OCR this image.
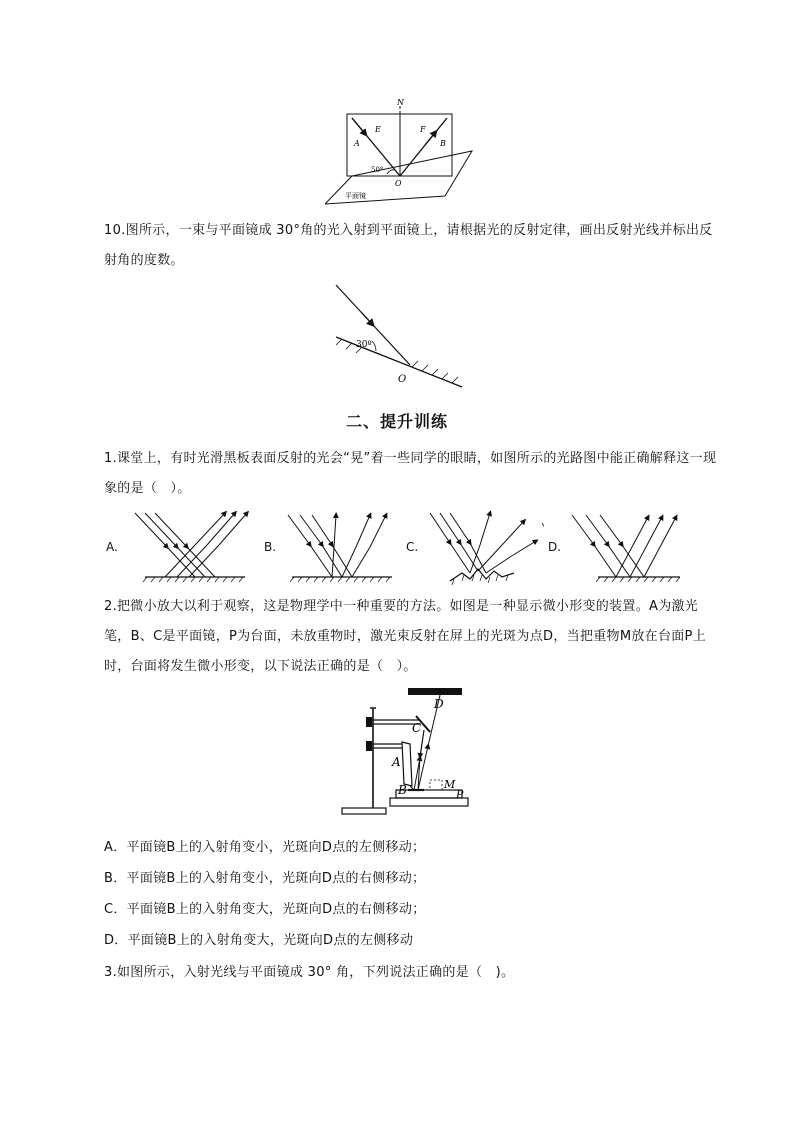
N
E	F
A	B
50°
O
平面镜
10.图所示，一束与平面镜成 30°角的光入射到平面镜上，请根据光的反射定律，画出反射光线并标出反射角的度数。
30º
O
二、提升训练
1.课堂上，有时光滑黑板表面反射的光会“晃”着一些同学的眼睛，如图所示的光路图中能正确解释这一现象的是（　）。
A.	B.	C.	D.
2.把微小放大以利于观察，这是物理学中一种重要的方法。如图是一种显示微小形变的装置。A为激光笔，B、C是平面镜，P为台面，未放重物时，激光束反射在屏上的光斑为点D，当把重物M放在台面P上时，台面将发生微小形变，以下说法正确的是（　）。
D
C
A
B	M
P
A．平面镜B上的入射角变小，光斑向D点的左侧移动；
B．平面镜B上的入射角变小，光斑向D点的右侧移动；
C．平面镜B上的入射角变大，光斑向D点的右侧移动；
D．平面镜B上的入射角变大，光斑向D点的左侧移动
3.如图所示，入射光线与平面镜成 30° 角，下列说法正确的是（　)。
